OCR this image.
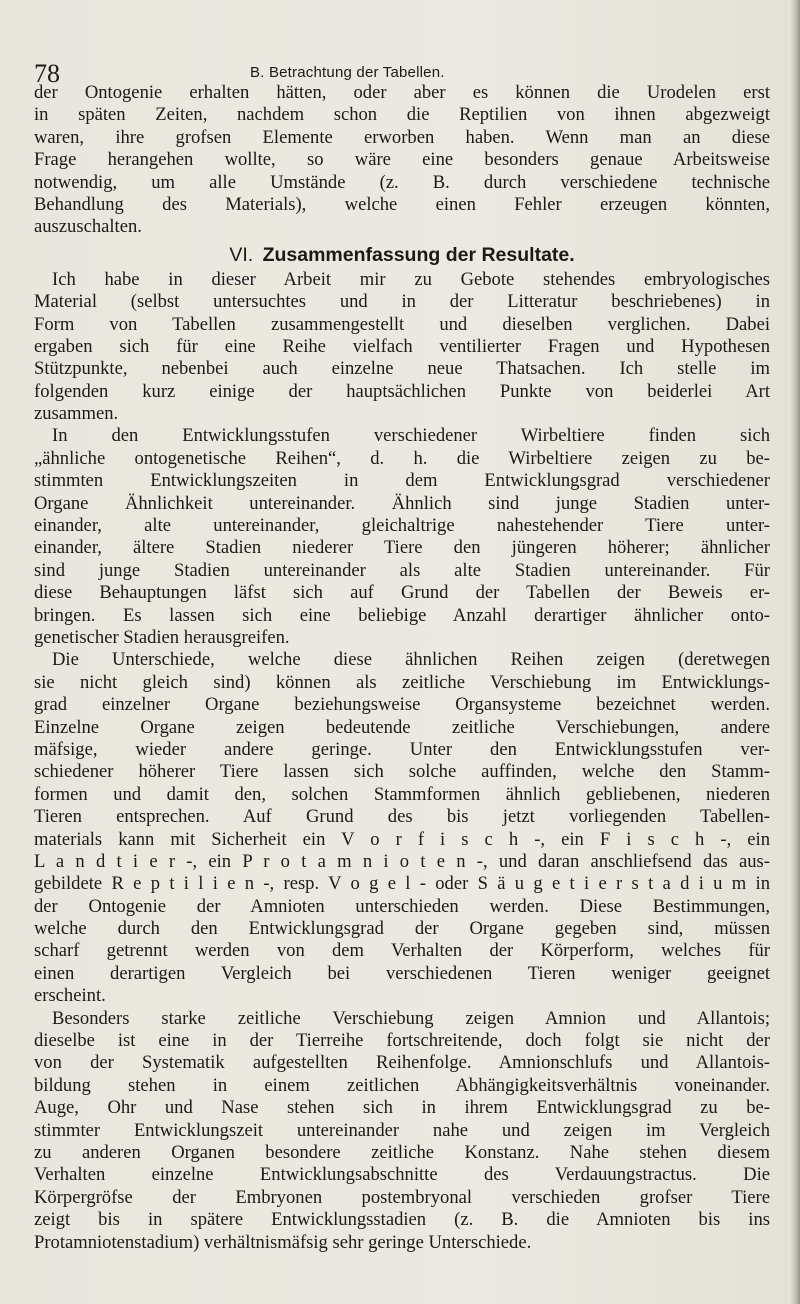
78	B. Betrachtung der Tabellen.

der Ontogenie erhalten hätten, oder aber es können die Urodelen erst
in späten Zeiten, nachdem schon die Reptilien von ihnen abgezweigt
waren, ihre grofsen Elemente erworben haben. Wenn man an diese
Frage herangehen wollte, so wäre eine besonders genaue Arbeitsweise
notwendig, um alle Umstände (z. B. durch verschiedene technische
Behandlung des Materials), welche einen Fehler erzeugen könnten,
auszuschalten.

VI. Zusammenfassung der Resultate.

Ich habe in dieser Arbeit mir zu Gebote stehendes embryologisches
Material (selbst untersuchtes und in der Litteratur beschriebenes) in
Form von Tabellen zusammengestellt und dieselben verglichen. Dabei
ergaben sich für eine Reihe vielfach ventilierter Fragen und Hypothesen
Stützpunkte, nebenbei auch einzelne neue Thatsachen. Ich stelle im
folgenden kurz einige der hauptsächlichen Punkte von beiderlei Art
zusammen.

In den Entwicklungsstufen verschiedener Wirbeltiere finden sich
„ähnliche ontogenetische Reihen“, d. h. die Wirbeltiere zeigen zu be-
stimmten Entwicklungszeiten in dem Entwicklungsgrad verschiedener
Organe Ähnlichkeit untereinander. Ähnlich sind junge Stadien unter-
einander, alte untereinander, gleichaltrige nahestehender Tiere unter-
einander, ältere Stadien niederer Tiere den jüngeren höherer; ähnlicher
sind junge Stadien untereinander als alte Stadien untereinander. Für
diese Behauptungen läfst sich auf Grund der Tabellen der Beweis er-
bringen. Es lassen sich eine beliebige Anzahl derartiger ähnlicher onto-
genetischer Stadien herausgreifen.

Die Unterschiede, welche diese ähnlichen Reihen zeigen (deretwegen
sie nicht gleich sind) können als zeitliche Verschiebung im Entwicklungs-
grad einzelner Organe beziehungsweise Organsysteme bezeichnet werden.
Einzelne Organe zeigen bedeutende zeitliche Verschiebungen, andere
mäfsige, wieder andere geringe. Unter den Entwicklungsstufen ver-
schiedener höherer Tiere lassen sich solche auffinden, welche den Stamm-
formen und damit den, solchen Stammformen ähnlich gebliebenen, niederen
Tieren entsprechen. Auf Grund des bis jetzt vorliegenden Tabellen-
materials kann mit Sicherheit ein V o r f i s c h -, ein F i s c h -, ein
L a n d t i e r -, ein P r o t a m n i o t e n -, und daran anschliefsend das aus-
gebildete R e p t i l i e n -, resp. V o g e l - oder S ä u g e t i e r s t a d i u m in
der Ontogenie der Amnioten unterschieden werden. Diese Bestimmungen,
welche durch den Entwicklungsgrad der Organe gegeben sind, müssen
scharf getrennt werden von dem Verhalten der Körperform, welches für
einen derartigen Vergleich bei verschiedenen Tieren weniger geeignet
erscheint.

Besonders starke zeitliche Verschiebung zeigen Amnion und Allantois;
dieselbe ist eine in der Tierreihe fortschreitende, doch folgt sie nicht der
von der Systematik aufgestellten Reihenfolge. Amnionschlufs und Allantois-
bildung stehen in einem zeitlichen Abhängigkeitsverhältnis voneinander.
Auge, Ohr und Nase stehen sich in ihrem Entwicklungsgrad zu be-
stimmter Entwicklungszeit untereinander nahe und zeigen im Vergleich
zu anderen Organen besondere zeitliche Konstanz. Nahe stehen diesem
Verhalten einzelne Entwicklungsabschnitte des Verdauungstractus. Die
Körpergröfse der Embryonen postembryonal verschieden grofser Tiere
zeigt bis in spätere Entwicklungsstadien (z. B. die Amnioten bis ins
Protamniotenstadium) verhältnismäfsig sehr geringe Unterschiede.
